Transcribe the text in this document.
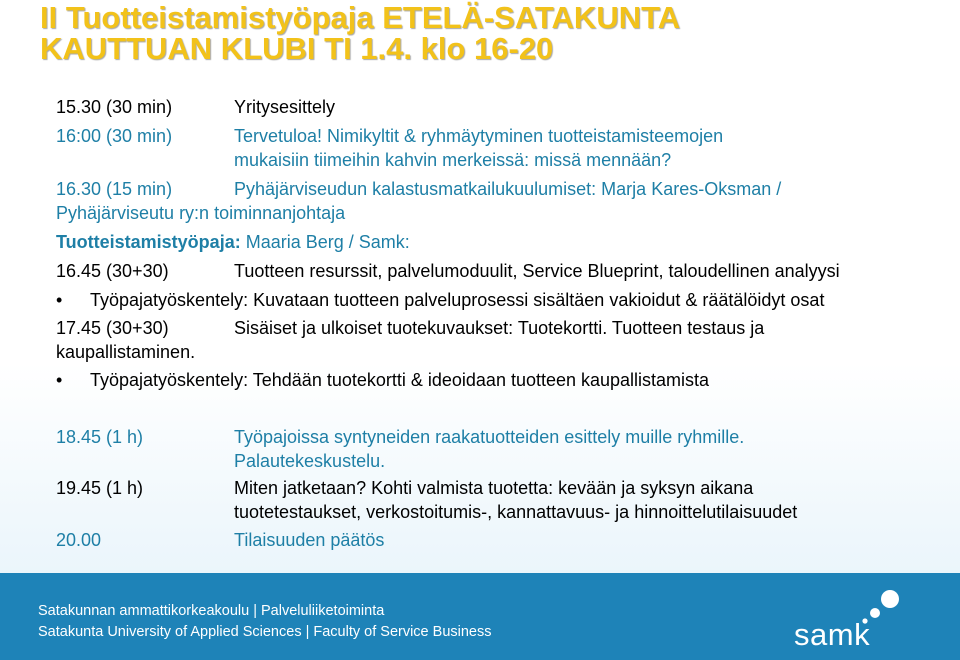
II Tuotteistamistyöpaja ETELÄ-SATAKUNTA
KAUTTUAN KLUBI TI 1.4. klo 16-20
15.30 (30 min)	Yritysesittely
16:00 (30 min)	Tervetuloa! Nimikyltit & ryhmäytyminen tuotteistamisteemojen
mukaisiin tiimeihin kahvin merkeissä: missä mennään?
16.30 (15 min)	Pyhäjärviseudun kalastusmatkailukuulumiset: Marja Kares-Oksman /
Pyhäjärviseutu ry:n toiminnanjohtaja
Tuotteistamistyöpaja: Maaria Berg / Samk:
16.45 (30+30)	Tuotteen resurssit, palvelumoduulit, Service Blueprint, taloudellinen analyysi
• Työpajatyöskentely: Kuvataan tuotteen palveluprosessi sisältäen vakioidut & räätälöidyt osat
17.45 (30+30)	Sisäiset ja ulkoiset tuotekuvaukset: Tuotekortti. Tuotteen testaus ja
kaupallistaminen.
• Työpajatyöskentely: Tehdään tuotekortti & ideoidaan tuotteen kaupallistamista
18.45 (1 h)	Työpajoissa syntyneiden raakatuotteiden esittely muille ryhmille.
Palautekeskustelu.
19.45 (1 h)	Miten jatketaan? Kohti valmista tuotetta: kevään ja syksyn aikana
tuotetestaukset, verkostoitumis-, kannattavuus- ja hinnoittelutilaisuudet
20.00	Tilaisuuden päätös
Satakunnan ammattikorkeakoulu | Palveluliiketoiminta
Satakunta University of Applied Sciences | Faculty of Service Business	samk
